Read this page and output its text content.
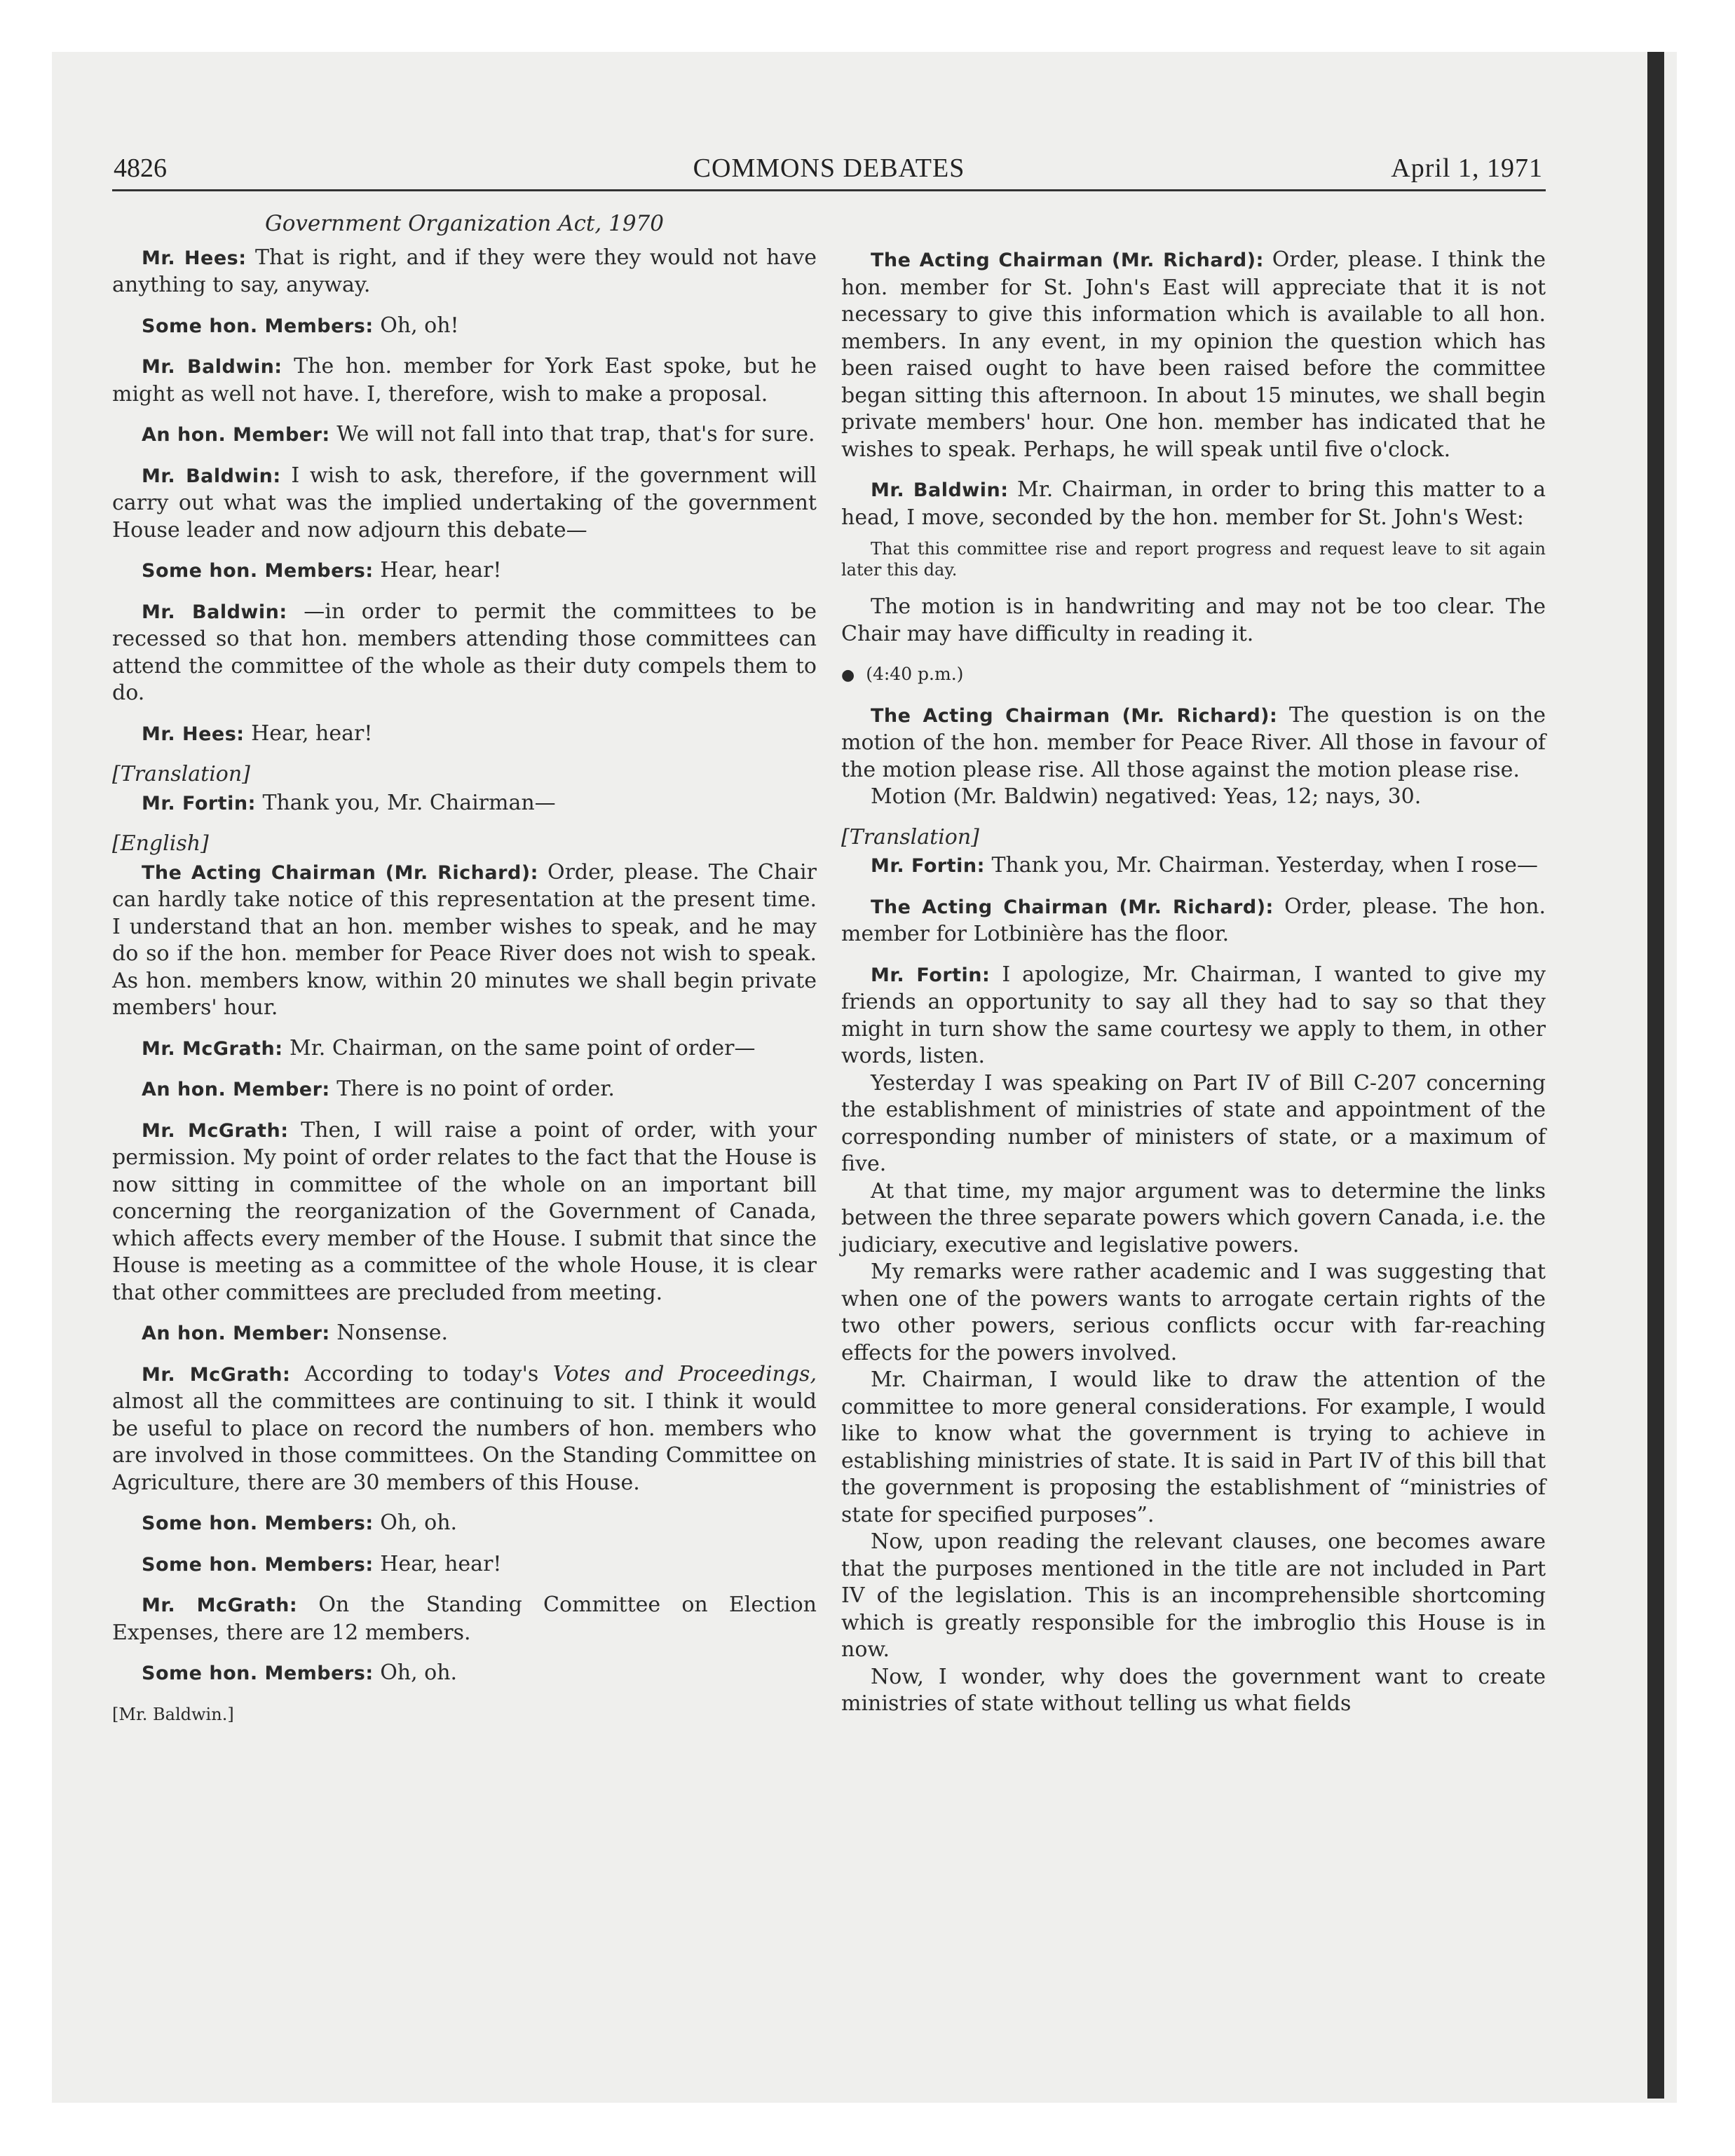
4826	COMMONS DEBATES	April 1, 1971
Government Organization Act, 1970

Mr. Hees: That is right, and if they were they would not have anything to say, anyway.

Some hon. Members: Oh, oh!

Mr. Baldwin: The hon. member for York East spoke, but he might as well not have. I, therefore, wish to make a proposal.

An hon. Member: We will not fall into that trap, that's for sure.

Mr. Baldwin: I wish to ask, therefore, if the government will carry out what was the implied undertaking of the government House leader and now adjourn this debate—

Some hon. Members: Hear, hear!

Mr. Baldwin: —in order to permit the committees to be recessed so that hon. members attending those committees can attend the committee of the whole as their duty compels them to do.

Mr. Hees: Hear, hear!

[Translation]

Mr. Fortin: Thank you, Mr. Chairman—

[English]

The Acting Chairman (Mr. Richard): Order, please. The Chair can hardly take notice of this representation at the present time. I understand that an hon. member wishes to speak, and he may do so if the hon. member for Peace River does not wish to speak. As hon. members know, within 20 minutes we shall begin private members' hour.

Mr. McGrath: Mr. Chairman, on the same point of order—

An hon. Member: There is no point of order.

Mr. McGrath: Then, I will raise a point of order, with your permission. My point of order relates to the fact that the House is now sitting in committee of the whole on an important bill concerning the reorganization of the Government of Canada, which affects every member of the House. I submit that since the House is meeting as a committee of the whole House, it is clear that other committees are precluded from meeting.

An hon. Member: Nonsense.

Mr. McGrath: According to today's Votes and Proceedings, almost all the committees are continuing to sit. I think it would be useful to place on record the numbers of hon. members who are involved in those committees. On the Standing Committee on Agriculture, there are 30 members of this House.

Some hon. Members: Oh, oh.

Some hon. Members: Hear, hear!

Mr. McGrath: On the Standing Committee on Election Expenses, there are 12 members.

Some hon. Members: Oh, oh.

[Mr. Baldwin.]

The Acting Chairman (Mr. Richard): Order, please. I think the hon. member for St. John's East will appreciate that it is not necessary to give this information which is available to all hon. members. In any event, in my opinion the question which has been raised ought to have been raised before the committee began sitting this afternoon. In about 15 minutes, we shall begin private members' hour. One hon. member has indicated that he wishes to speak. Perhaps, he will speak until five o'clock.

Mr. Baldwin: Mr. Chairman, in order to bring this matter to a head, I move, seconded by the hon. member for St. John's West:

That this committee rise and report progress and request leave to sit again later this day.

The motion is in handwriting and may not be too clear. The Chair may have difficulty in reading it.

● (4:40 p.m.)

The Acting Chairman (Mr. Richard): The question is on the motion of the hon. member for Peace River. All those in favour of the motion please rise. All those against the motion please rise.

Motion (Mr. Baldwin) negatived: Yeas, 12; nays, 30.

[Translation]

Mr. Fortin: Thank you, Mr. Chairman. Yesterday, when I rose—

The Acting Chairman (Mr. Richard): Order, please. The hon. member for Lotbinière has the floor.

Mr. Fortin: I apologize, Mr. Chairman, I wanted to give my friends an opportunity to say all they had to say so that they might in turn show the same courtesy we apply to them, in other words, listen.

Yesterday I was speaking on Part IV of Bill C-207 concerning the establishment of ministries of state and appointment of the corresponding number of ministers of state, or a maximum of five.

At that time, my major argument was to determine the links between the three separate powers which govern Canada, i.e. the judiciary, executive and legislative powers.

My remarks were rather academic and I was suggesting that when one of the powers wants to arrogate certain rights of the two other powers, serious conflicts occur with far-reaching effects for the powers involved.

Mr. Chairman, I would like to draw the attention of the committee to more general considerations. For example, I would like to know what the government is trying to achieve in establishing ministries of state. It is said in Part IV of this bill that the government is proposing the establishment of “ministries of state for specified purposes”.

Now, upon reading the relevant clauses, one becomes aware that the purposes mentioned in the title are not included in Part IV of the legislation. This is an incomprehensible shortcoming which is greatly responsible for the imbroglio this House is in now.

Now, I wonder, why does the government want to create ministries of state without telling us what fields
